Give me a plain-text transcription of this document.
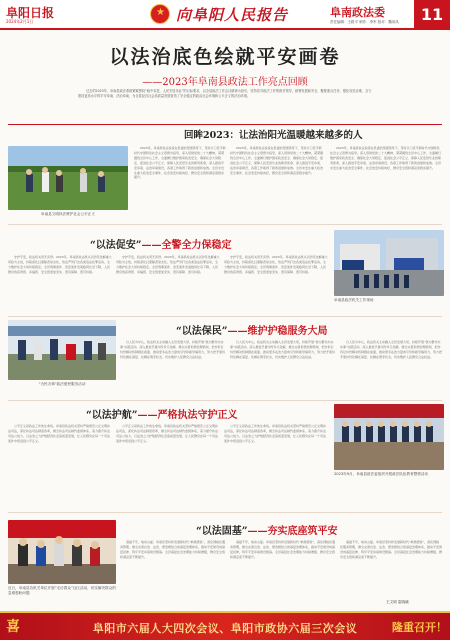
阜阳日报
2024年2月1日
★	向阜阳人民报告	阜南政法委
责任编辑：王路平 制作：李军 校对：魏凤凤	11
以法治底色绘就平安画卷
——2023年阜南县政法工作亮点回顾

过去的2023年，阜南县政法系统紧紧围绕“稳中求进，人民安居乐业”的目标要求，以全县政法工作会议精神为指引，坚持党对政法工作的绝对领导，统筹发展和安全，聚焦重点任务，强化攻坚克难，全力建设更高水平的平安阜南、法治阜南，为全县经济社会高质量发展营造了安全稳定的政治社会环境和公平正义的法治环境。

回眸2023：让法治阳光温暖越来越多的人
阜南县文明执法维护社会公平正义

2023年，阜南县政法系统在县委的坚强领导下，坚持以习近平新时代中国特色社会主义思想为指导，深入贯彻党的二十大精神，紧紧围绕全县中心工作，全面履行维护国家政治安全、确保社会大局稳定、促进社会公平正义、保障人民安居乐业的职责使命，深入推进平安阜南、法治阜南建设，各项工作取得了新的进展和成效。全县未发生重大政治安全事件，社会治安持续向好，群众安全感和满意度稳步提升。

2023年，阜南县政法系统在县委的坚强领导下，坚持以习近平新时代中国特色社会主义思想为指导，深入贯彻党的二十大精神，紧紧围绕全县中心工作，全面履行维护国家政治安全、确保社会大局稳定、促进社会公平正义、保障人民安居乐业的职责使命，深入推进平安阜南、法治阜南建设，各项工作取得了新的进展和成效。全县未发生重大政治安全事件，社会治安持续向好，群众安全感和满意度稳步提升。

2023年，阜南县政法系统在县委的坚强领导下，坚持以习近平新时代中国特色社会主义思想为指导，深入贯彻党的二十大精神，紧紧围绕全县中心工作，全面履行维护国家政治安全、确保社会大局稳定、促进社会公平正义、保障人民安居乐业的职责使命，深入推进平安阜南、法治阜南建设，各项工作取得了新的进展和成效。全县未发生重大政治安全事件，社会治安持续向好，群众安全感和满意度稳步提升。

“以法促安”——全警全力保稳定

守护平安，政法机关责无旁贷。2023年，阜南县政法机关以防范化解重大风险为主线，持续深化扫黑除恶常态化，依法严厉打击各类违法犯罪活动，全力维护社会大局持续稳定。全县刑事案件、治安案件发案数同比双下降，人民群众的获得感、幸福感、安全感更加充实、更有保障、更可持续。

守护平安，政法机关责无旁贷。2023年，阜南县政法机关以防范化解重大风险为主线，持续深化扫黑除恶常态化，依法严厉打击各类违法犯罪活动，全力维护社会大局持续稳定。全县刑事案件、治安案件发案数同比双下降，人民群众的获得感、幸福感、安全感更加充实、更有保障、更可持续。

守护平安，政法机关责无旁贷。2023年，阜南县政法机关以防范化解重大风险为主线，持续深化扫黑除恶常态化，依法严厉打击各类违法犯罪活动，全力维护社会大局持续稳定。全县刑事案件、治安案件发案数同比双下降，人民群众的获得感、幸福感、安全感更加充实、更有保障、更可持续。

阜南县政法机关工作现场
“为民办事”政法便民服务活动
“以法保民”——维护护稳服务大局

以人民为中心，政法机关主动融入全县发展大局，持续开展“我为群众办实事”实践活动，深入推进矛盾纠纷多元化解，健全完善诉源治理机制，把非诉讼纠纷解决机制挺在前面，推动更多法治力量向引导和疏导端用力，努力把矛盾纠纷化解在基层、化解在萌芽状态，切实维护人民群众合法权益。

以人民为中心，政法机关主动融入全县发展大局，持续开展“我为群众办实事”实践活动，深入推进矛盾纠纷多元化解，健全完善诉源治理机制，把非诉讼纠纷解决机制挺在前面，推动更多法治力量向引导和疏导端用力，努力把矛盾纠纷化解在基层、化解在萌芽状态，切实维护人民群众合法权益。

以人民为中心，政法机关主动融入全县发展大局，持续开展“我为群众办实事”实践活动，深入推进矛盾纠纷多元化解，健全完善诉源治理机制，把非诉讼纠纷解决机制挺在前面，推动更多法治力量向引导和疏导端用力，努力把矛盾纠纷化解在基层、化解在萌芽状态，切实维护人民群众合法权益。

“以法护航”——严格执法守护正义

公平正义是政法工作的生命线。阜南县政法机关坚持严格规范公正文明执法司法，深化执法司法制度改革，健全执法司法制约监督体系，着力提升执法司法公信力，以法治之力护航经济社会高质量发展，让人民群众在每一个司法案件中感受到公平正义。

公平正义是政法工作的生命线。阜南县政法机关坚持严格规范公正文明执法司法，深化执法司法制度改革，健全执法司法制约监督体系，着力提升执法司法公信力，以法治之力护航经济社会高质量发展，让人民群众在每一个司法案件中感受到公平正义。

公平正义是政法工作的生命线。阜南县政法机关坚持严格规范公正文明执法司法，深化执法司法制度改革，健全执法司法制约监督体系，着力提升执法司法公信力，以法治之力护航经济社会高质量发展，让人民群众在每一个司法案件中感受到公平正义。

2023年9月，阜南县政法委组织开展政法队伍教育整顿活动
“以法固基”——夯实底座筑平安
近日，阜南县各机关单位开展“走访群众”社区活动，切实解决群众的急难愁盼问题

基础不牢，地动山摇。阜南县坚持和发展新时代“枫桥经验”，深化网格化服务管理，健全完善自治、法治、德治相结合的基层治理体系，推动平安建设向基层延伸，筑牢平安阜南建设根基。全县基层社会治理能力持续增强，群众安全感和满意度不断提升。

基础不牢，地动山摇。阜南县坚持和发展新时代“枫桥经验”，深化网格化服务管理，健全完善自治、法治、德治相结合的基层治理体系，推动平安建设向基层延伸，筑牢平安阜南建设根基。全县基层社会治理能力持续增强，群众安全感和满意度不断提升。

基础不牢，地动山摇。阜南县坚持和发展新时代“枫桥经验”，深化网格化服务管理，健全完善自治、法治、德治相结合的基层治理体系，推动平安建设向基层延伸，筑牢平安阜南建设根基。全县基层社会治理能力持续增强，群众安全感和满意度不断提升。

王文明 雷晓晓
喜	阜阳市六届人大四次会议、阜阳市政协六届三次会议	隆重召开！
